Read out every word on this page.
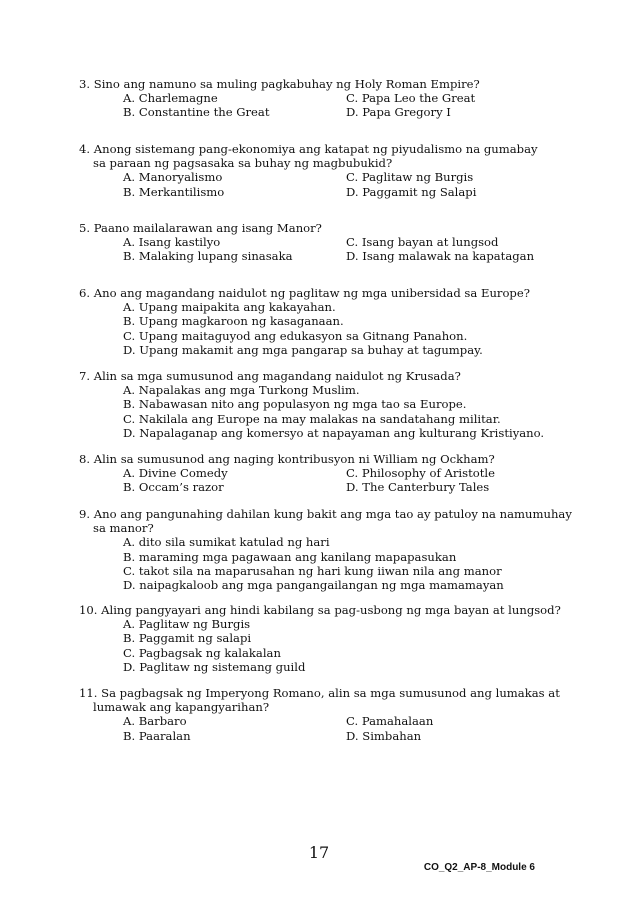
3. Sino ang namuno sa muling pagkabuhay ng Holy Roman Empire?
A. Charlemagne	C. Papa Leo the Great
B. Constantine the Great	D. Papa Gregory I
4. Anong sistemang pang-ekonomiya ang katapat ng piyudalismo na gumabay
sa paraan ng pagsasaka sa buhay ng magbubukid?
A. Manoryalismo	C. Paglitaw ng Burgis
B. Merkantilismo	D. Paggamit ng Salapi
5. Paano mailalarawan ang isang Manor?
A. Isang kastilyo	C. Isang bayan at lungsod
B. Malaking lupang sinasaka	D. Isang malawak na kapatagan
6. Ano ang magandang naidulot ng paglitaw ng mga unibersidad sa Europe?
A. Upang maipakita ang kakayahan.
B. Upang magkaroon ng kasaganaan.
C. Upang maitaguyod ang edukasyon sa Gitnang Panahon.
D. Upang makamit ang mga pangarap sa buhay at tagumpay.
7. Alin sa mga sumusunod ang magandang naidulot ng Krusada?
A. Napalakas ang mga Turkong Muslim.
B. Nabawasan nito ang populasyon ng mga tao sa Europe.
C. Nakilala ang Europe na may malakas na sandatahang militar.
D. Napalaganap ang komersyo at napayaman ang kulturang Kristiyano.
8. Alin sa sumusunod ang naging kontribusyon ni William ng Ockham?
A. Divine Comedy	C. Philosophy of Aristotle
B. Occam’s razor	D. The Canterbury Tales
9. Ano ang pangunahing dahilan kung bakit ang mga tao ay patuloy na namumuhay
sa manor?
A. dito sila sumikat katulad ng hari
B. maraming mga pagawaan ang kanilang mapapasukan
C. takot sila na maparusahan ng hari kung iiwan nila ang manor
D. naipagkaloob ang mga pangangailangan ng mga mamamayan
10. Aling pangyayari ang hindi kabilang sa pag-usbong ng mga bayan at lungsod?
A. Paglitaw ng Burgis
B. Paggamit ng salapi
C. Pagbagsak ng kalakalan
D. Paglitaw ng sistemang guild
11. Sa pagbagsak ng Imperyong Romano, alin sa mga sumusunod ang lumakas at
lumawak ang kapangyarihan?
A. Barbaro	C. Pamahalaan
B. Paaralan	D. Simbahan
17
CO_Q2_AP-8_Module 6
